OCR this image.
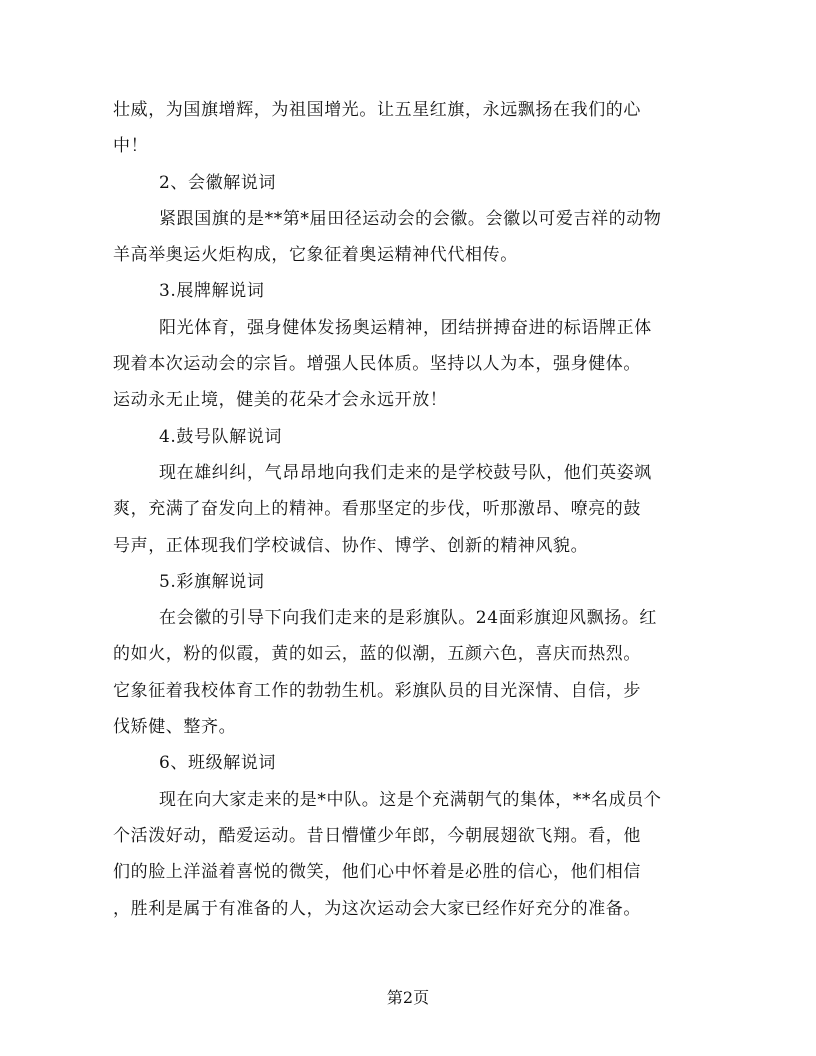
壮威，为国旗增辉，为祖国增光。让五星红旗，永远飘扬在我们的心
中！
2、会徽解说词
紧跟国旗的是**第*届田径运动会的会徽。会徽以可爱吉祥的动物
羊高举奥运火炬构成，它象征着奥运精神代代相传。
3.展牌解说词
阳光体育，强身健体发扬奥运精神，团结拼搏奋进的标语牌正体
现着本次运动会的宗旨。增强人民体质。坚持以人为本，强身健体。
运动永无止境，健美的花朵才会永远开放！
4.鼓号队解说词
现在雄纠纠，气昂昂地向我们走来的是学校鼓号队，他们英姿飒
爽，充满了奋发向上的精神。看那坚定的步伐，听那激昂、嘹亮的鼓
号声，正体现我们学校诚信、协作、博学、创新的精神风貌。
5.彩旗解说词
在会徽的引导下向我们走来的是彩旗队。24面彩旗迎风飘扬。红
的如火，粉的似霞，黄的如云，蓝的似潮，五颜六色，喜庆而热烈。
它象征着我校体育工作的勃勃生机。彩旗队员的目光深情、自信，步
伐矫健、整齐。
6、班级解说词
现在向大家走来的是*中队。这是个充满朝气的集体，**名成员个
个活泼好动，酷爱运动。昔日懵懂少年郎，今朝展翅欲飞翔。看，他
们的脸上洋溢着喜悦的微笑，他们心中怀着是必胜的信心，他们相信
，胜利是属于有准备的人，为这次运动会大家已经作好充分的准备。
第2页
